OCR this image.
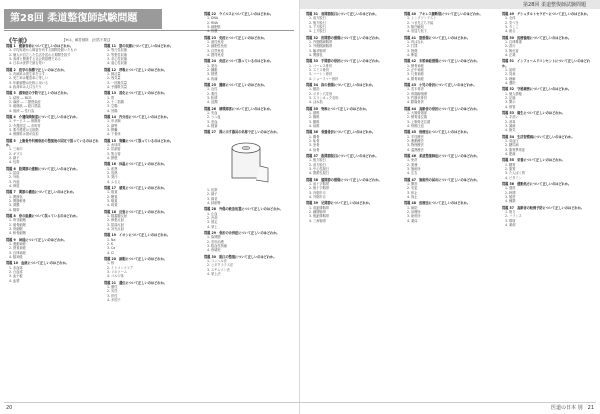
第28回 柔道整復師試験問題
第28回 柔道整復師試験問題
《午前》	【※は、解答削除　(回答不要)】
問題 1　健康寿命について正しいのはどれか。
1. 平均寿命から障害を有する期間を除いたもの
2. 個人が自立した生活を送れる期間を指す
3. 寿命と関連する社会的指標である
4. 日本は世界で最も短い
問題 2　疫学の指標で正しいのはどれか。
1. 有病率は発生率を示す
2. 死亡率は罹患率に等しい
3. 年齢調整は比較に用いる
4. 致命率は人口当たり
問題 3　感染症の予防で正しいのはどれか。
1. 結核 ― BCG
2. 麻疹 ― 二類感染症
3. 破傷風 ― 経口感染
4. 風疹 ― 性行為
問題 4　介護保険制度について正しいのはどれか。
1. サービス ― 保険者
2. 介護認定 ― 市町村
3. 要介護度は五段階
4. 保険料は国が負担
問題 5　上腕骨外科頸骨折の整復後の固定で誤っているのはどれか。
1. 三角巾
2. ギプス
3. 副子
4. 包帯
問題 6　股関節の運動について正しいのはどれか。
1. 屈曲
2. 外転
3. 内旋
4. 伸展
問題 7　関節の構造について正しいのはどれか。
1. 関節包
2. 関節軟骨
3. 滑膜
4. 靱帯
問題 8　骨の組織について誤っているのはどれか。
1. 骨芽細胞
2. 破骨細胞
3. 骨細胞
4. 軟骨細胞
問題 9　神経について正しいのはどれか。
1. 運動神経
2. 感覚神経
3. 自律神経
4. 脳神経
問題 10　血液について正しいのはどれか。
1. 赤血球
2. 白血球
3. 血小板
4. 血漿
問題 11　筋の収縮について正しいのはどれか。
1. 等尺性収縮
2. 等張性収縮
3. 求心性収縮
4. 遠心性収縮
問題 12　呼吸について正しいのはどれか。
1. 肺活量
2. 残気量
3. 一回換気量
4. 予備吸気量
問題 13　消化について正しいのはどれか。
1. 胃
2. 十二指腸
3. 空腸
4. 回腸
問題 14　内分泌について正しいのはどれか。
1. 甲状腺
2. 副腎
3. 膵臓
4. 下垂体
問題 15　腎臓について誤っているのはどれか。
1. 糸球体
2. 尿細管
3. 集合管
4. 膀胱
問題 16　体温について正しいのはどれか。
1. 産熱
2. 放熱
3. 発汗
4. ふるえ
問題 17　感覚について正しいのはどれか。
1. 視覚
2. 聴覚
3. 嗅覚
4. 味覚
問題 18　反射について正しいのはどれか。
1. 膝蓋腱反射
2. 伸張反射
3. 屈曲反射
4. 対光反射
問題 19　イオンについて正しいのはどれか。
1. Na
2. K
3. Ca
4. Cl
問題 20　細胞について正しいのはどれか。
1. 核
2. ミトコンドリア
3. リボソーム
4. ゴルジ体
問題 21　遺伝について正しいのはどれか。
1. 優性
2. 劣性
3. 伴性
4. 多因子
問題 22　ウイルスについて正しいのはどれか。
1. DNA
2. RNA
3. 細胞壁
4. 核膜
問題 23　免疫について正しいのはどれか。
1. 液性免疫
2. 細胞性免疫
3. 自然免疫
4. 獲得免疫
問題 24　炎症について誤っているのはどれか。
1. 発赤
2. 腫脹
3. 熱感
4. 疼痛
問題 25　腫瘍について正しいのはどれか。
1. 良性
2. 悪性
3. 転移
4. 浸潤
問題 26　循環障害について正しいのはどれか。
1. 充血
2. うっ血
3. 虚血
4. 梗塞
問題 27　図に示す器具の名称で正しいのはどれか。
1. 包帯
2. 副子
3. 綿花
4. 絆創膏
問題 28　外傷の救急処置について正しいのはどれか。
1. 止血
2. 冷却
3. 固定
4. 挙上
問題 29　骨折の合併症について正しいのはどれか。
1. 偽関節
2. 変形治癒
3. 阻血性拘縮
4. 骨壊死
問題 30　脱臼の整復について正しいのはどれか。
1. コッヘル法
2. ヒポクラテス法
3. スチムソン法
4. 挙上法
問題 31　肩関節脱臼について正しいのはどれか。
1. 前方脱臼
2. 後方脱臼
3. 下方脱臼
4. 上方脱臼
問題 32　肘関節の損傷について正しいのはどれか。
1. 内側側副靱帯
2. 外側側副靱帯
3. 輪状靱帯
4. 関節包
問題 33　手関節の骨折について正しいのはどれか。
1. コーレス骨折
2. スミス骨折
3. バートン骨折
4. ショーファー骨折
問題 34　指の損傷について正しいのはどれか。
1. 槌指
2. ボタン穴変形
3. スワンネック変形
4. ばね指
問題 35　脊椎について正しいのはどれか。
1. 頸椎
2. 胸椎
3. 腰椎
4. 仙椎
問題 36　骨盤骨折について正しいのはどれか。
1. 腸骨
2. 恥骨
3. 坐骨
4. 仙骨
問題 37　股関節脱臼について正しいのはどれか。
1. 後方脱臼
2. 前方脱臼
3. 中心性脱臼
4. 閉鎖孔脱臼
問題 38　膝関節の損傷について正しいのはどれか。
1. 前十字靱帯
2. 後十字靱帯
3. 内側半月
4. 外側半月
問題 39　足関節について正しいのはどれか。
1. 前距腓靱帯
2. 踵腓靱帯
3. 後距腓靱帯
4. 三角靱帯
問題 40　アキレス腱断裂について正しいのはどれか。
1. トンプソンテスト
2. つま先立ち不能
3. 陥凹触知
4. 底屈力低下
問題 41　筋損傷について正しいのはどれか。
1. 肉ばなれ
2. 打撲
3. 挫傷
4. 断裂
問題 42　末梢神経損傷について正しいのはどれか。
1. 橈骨神経
2. 正中神経
3. 尺骨神経
4. 腓骨神経
問題 43　小児の骨折について正しいのはどれか。
1. 若木骨折
2. 骨端線損傷
3. 竹節状骨折
4. 膨隆骨折
問題 44　高齢者の骨折について正しいのはどれか。
1. 大腿骨頸部
2. 橈骨遠位端
3. 上腕骨近位端
4. 脊椎圧迫
問題 45　後療法について正しいのはどれか。
1. 手技療法
2. 運動療法
3. 物理療法
4. 温熱療法
問題 46　柔道整復師法について正しいのはどれか。
1. 免許
2. 業務
3. 施術所
4. 広告
問題 47　施術所の届出について正しいのはどれか。
1. 開設
2. 変更
3. 休止
4. 廃止
問題 48　医療法について正しいのはどれか。
1. 病院
2. 診療所
3. 助産所
4. 薬局
問題 49　ゲシュタルトセラピーについて正しいのはどれか。
1. 全体
2. 気づき
3. 今ここ
4. 統合
問題 50　医療倫理について正しいのはどれか。
1. 自律尊重
2. 善行
3. 無危害
4. 正義
問題 51　インフォームドコンセントについて正しいのはどれか。
1. 説明
2. 同意
3. 理解
4. 選択
問題 52　守秘義務について正しいのはどれか。
1. 個人情報
2. 記録
3. 開示
4. 保管
問題 53　衛生について正しいのはどれか。
1. 手洗い
2. 消毒
3. 滅菌
4. 換気
問題 54　生活習慣病について正しいのはどれか。
1. 高血圧
2. 糖尿病
3. 脂質異常症
4. 肥満
問題 55　栄養について正しいのはどれか。
1. 糖質
2. 脂質
3. たんぱく質
4. ビタミン
問題 56　運動処方について正しいのはどれか。
1. 強度
2. 時間
3. 頻度
4. 種類
問題 57　高齢者の転倒予防について正しいのはどれか。
1. 筋力
2. バランス
3. 環境
4. 薬剤
20	医道の日本 別　21
